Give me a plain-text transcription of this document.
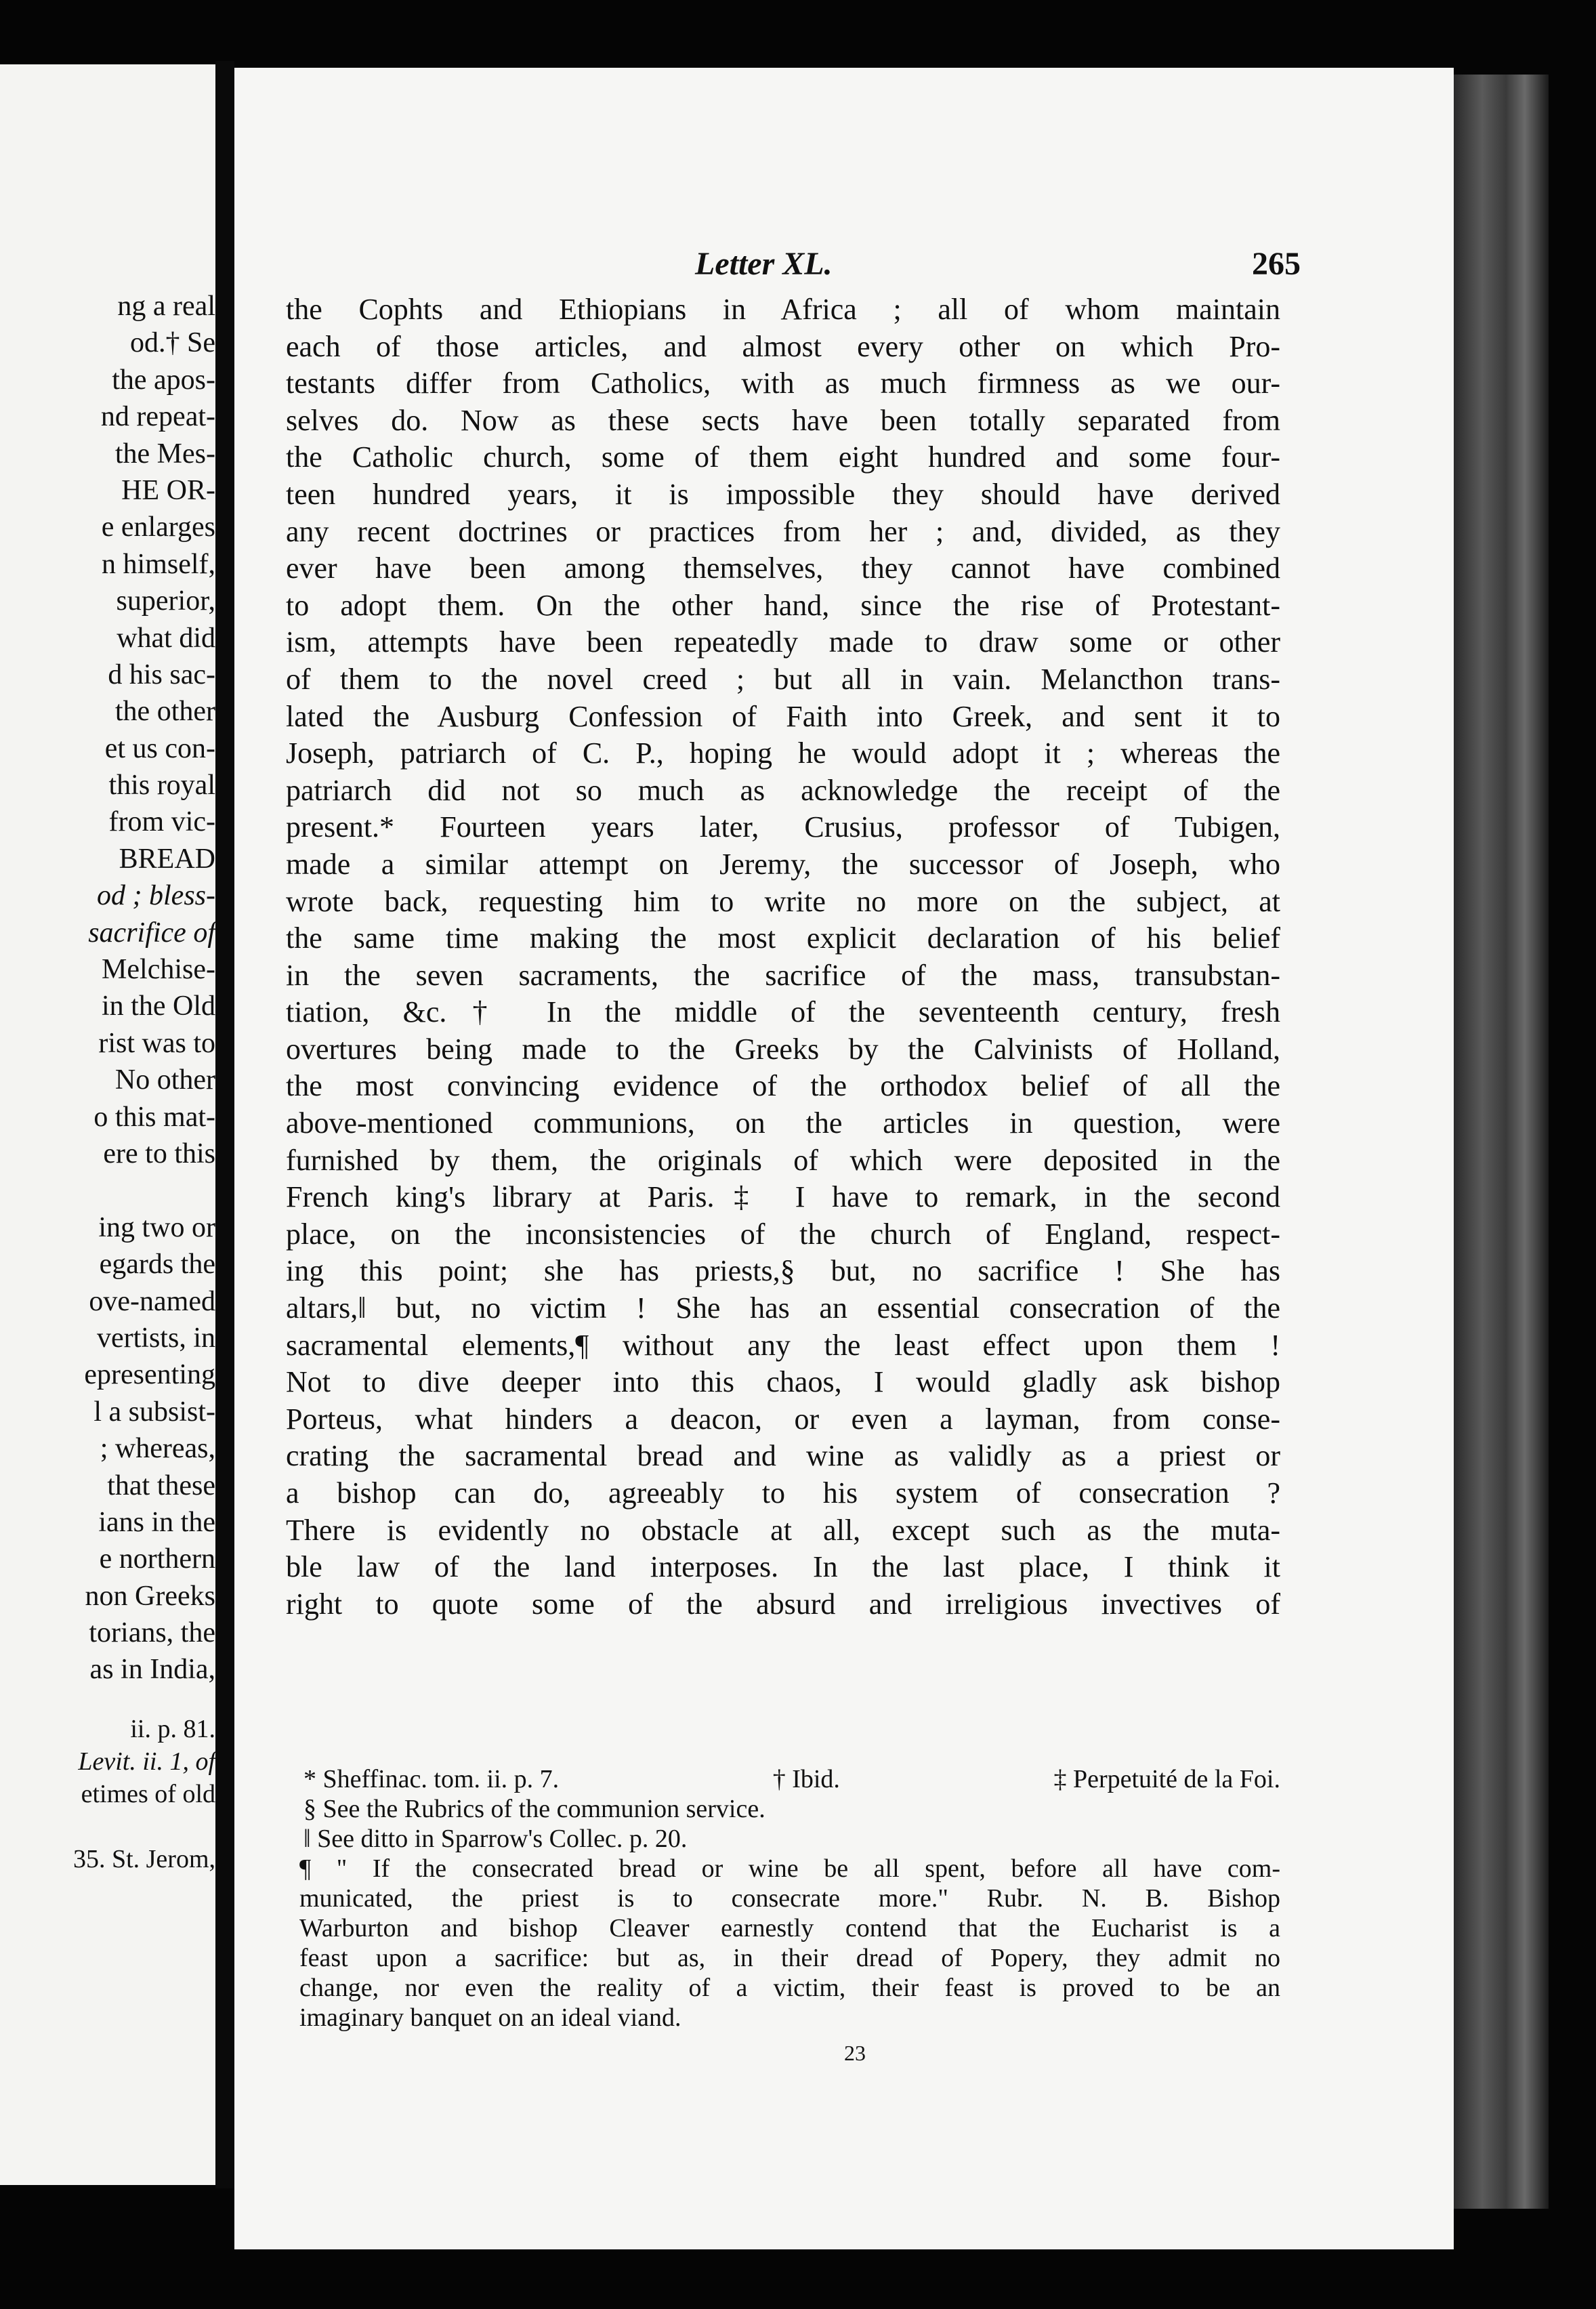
ng a real
od.† Se
the apos-
nd repeat-
the Mes-
HE OR-
e enlarges
n himself,
superior,
what did
d his sac-
the other
et us con-
this royal
from vic-
BREAD
od ; bless-
sacrifice of
Melchise-
in the Old
rist was to
No other
o this mat-
ere to this
ing two or
egards the
ove-named
vertists, in
epresenting
l a subsist-
; whereas,
that these
ians in the
e northern
non Greeks
torians, the
as in India,
ii. p. 81.
Levit. ii. 1, of
etimes of old
35. St. Jerom,
Letter XL.	265
the Cophts and Ethiopians in Africa ; all of whom maintain
each of those articles, and almost every other on which Pro-
testants differ from Catholics, with as much firmness as we our-
selves do. Now as these sects have been totally separated from
the Catholic church, some of them eight hundred and some four-
teen hundred years, it is impossible they should have derived
any recent doctrines or practices from her ; and, divided, as they
ever have been among themselves, they cannot have combined
to adopt them. On the other hand, since the rise of Protestant-
ism, attempts have been repeatedly made to draw some or other
of them to the novel creed ; but all in vain. Melancthon trans-
lated the Ausburg Confession of Faith into Greek, and sent it to
Joseph, patriarch of C. P., hoping he would adopt it ; whereas the
patriarch did not so much as acknowledge the receipt of the
present.* Fourteen years later, Crusius, professor of Tubigen,
made a similar attempt on Jeremy, the successor of Joseph, who
wrote back, requesting him to write no more on the subject, at
the same time making the most explicit declaration of his belief
in the seven sacraments, the sacrifice of the mass, transubstan-
tiation, &c.† In the middle of the seventeenth century, fresh
overtures being made to the Greeks by the Calvinists of Holland,
the most convincing evidence of the orthodox belief of all the
above-mentioned communions, on the articles in question, were
furnished by them, the originals of which were deposited in the
French king's library at Paris.‡ I have to remark, in the second
place, on the inconsistencies of the church of England, respect-
ing this point; she has priests,§ but, no sacrifice ! She has
altars,‖ but, no victim ! She has an essential consecration of the
sacramental elements,¶ without any the least effect upon them !
Not to dive deeper into this chaos, I would gladly ask bishop
Porteus, what hinders a deacon, or even a layman, from conse-
crating the sacramental bread and wine as validly as a priest or
a bishop can do, agreeably to his system of consecration ?
There is evidently no obstacle at all, except such as the muta-
ble law of the land interposes. In the last place, I think it
right to quote some of the absurd and irreligious invectives of
* Sheffinac. tom. ii. p. 7.	† Ibid.	‡ Perpetuité de la Foi.
§ See the Rubrics of the communion service.
‖ See ditto in Sparrow's Collec. p. 20.
¶ " If the consecrated bread or wine be all spent, before all have com-
municated, the priest is to consecrate more." Rubr. N. B. Bishop
Warburton and bishop Cleaver earnestly contend that the Eucharist is a
feast upon a sacrifice: but as, in their dread of Popery, they admit no
change, nor even the reality of a victim, their feast is proved to be an
imaginary banquet on an ideal viand.
23
